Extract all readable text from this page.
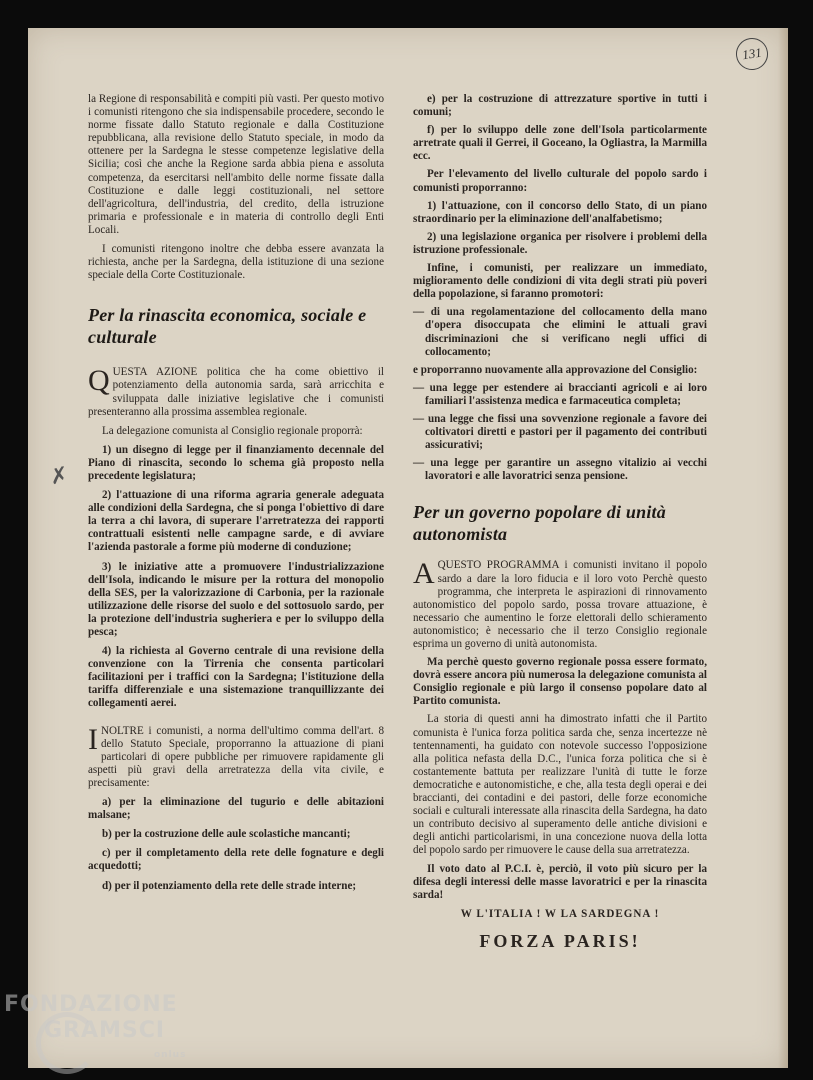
131
✗

la Regione di responsabilità e compiti più vasti. Per questo motivo i comunisti ritengono che sia indispensabile procedere, secondo le norme fissate dallo Statuto regionale e dalla Costituzione repubblicana, alla revisione dello Statuto speciale, in modo da ottenere per la Sardegna le stesse competenze legislative della Sicilia; così che anche la Regione sarda abbia piena e assoluta competenza, da esercitarsi nell'ambito delle norme fissate dalla Costituzione e dalle leggi costituzionali, nel settore dell'agricoltura, dell'industria, del credito, della istruzione primaria e professionale e in materia di controllo degli Enti Locali.

I comunisti ritengono inoltre che debba essere avanzata la richiesta, anche per la Sardegna, della istituzione di una sezione speciale della Corte Costituzionale.

Per la rinascita economica, sociale e culturale

QUESTA AZIONE politica che ha come obiettivo il potenziamento della autonomia sarda, sarà arricchita e sviluppata dalle iniziative legislative che i comunisti presenteranno alla prossima assemblea regionale.

La delegazione comunista al Consiglio regionale proporrà:

1) un disegno di legge per il finanziamento decennale del Piano di rinascita, secondo lo schema già proposto nella precedente legislatura;

2) l'attuazione di una riforma agraria generale adeguata alle condizioni della Sardegna, che si ponga l'obiettivo di dare la terra a chi lavora, di superare l'arretratezza dei rapporti contrattuali esistenti nelle campagne sarde, e di avviare l'azienda pastorale a forme più moderne di conduzione;

3) le iniziative atte a promuovere l'industrializzazione dell'Isola, indicando le misure per la rottura del monopolio della SES, per la valorizzazione di Carbonia, per la razionale utilizzazione delle risorse del suolo e del sottosuolo sardo, per la protezione dell'industria sugheriera e per lo sviluppo della pesca;

4) la richiesta al Governo centrale di una revisione della convenzione con la Tirrenia che consenta particolari facilitazioni per i traffici con la Sardegna; l'istituzione della tariffa differenziale e una sistemazione tranquillizzante dei collegamenti aerei.

INOLTRE i comunisti, a norma dell'ultimo comma dell'art. 8 dello Statuto Speciale, proporranno la attuazione di piani particolari di opere pubbliche per rimuovere rapidamente gli aspetti più gravi della arretratezza della vita civile, e precisamente:

a) per la eliminazione del tugurio e delle abitazioni malsane;

b) per la costruzione delle aule scolastiche mancanti;

c) per il completamento della rete delle fognature e degli acquedotti;

d) per il potenziamento della rete delle strade interne;

e) per la costruzione di attrezzature sportive in tutti i comuni;

f) per lo sviluppo delle zone dell'Isola particolarmente arretrate quali il Gerrei, il Goceano, la Ogliastra, la Marmilla ecc.

Per l'elevamento del livello culturale del popolo sardo i comunisti proporranno:

1) l'attuazione, con il concorso dello Stato, di un piano straordinario per la eliminazione dell'analfabetismo;

2) una legislazione organica per risolvere i problemi della istruzione professionale.

Infine, i comunisti, per realizzare un immediato, miglioramento delle condizioni di vita degli strati più poveri della popolazione, si faranno promotori:

— di una regolamentazione del collocamento della mano d'opera disoccupata che elimini le attuali gravi discriminazioni che si verificano negli uffici di collocamento;

e proporranno nuovamente alla approvazione del Consiglio:

— una legge per estendere ai braccianti agricoli e ai loro familiari l'assistenza medica e farmaceutica completa;

— una legge che fissi una sovvenzione regionale a favore dei coltivatori diretti e pastori per il pagamento dei contributi assicurativi;

— una legge per garantire un assegno vitalizio ai vecchi lavoratori e alle lavoratrici senza pensione.

Per un governo popolare di unità autonomista

AQUESTO PROGRAMMA i comunisti invitano il popolo sardo a dare la loro fiducia e il loro voto Perchè questo programma, che interpreta le aspirazioni di rinnovamento autonomistico del popolo sardo, possa trovare attuazione, è necessario che aumentino le forze elettorali dello schieramento autonomistico; è necessario che il terzo Consiglio regionale esprima un governo di unità autonomista.

Ma perchè questo governo regionale possa essere formato, dovrà essere ancora più numerosa la delegazione comunista al Consiglio regionale e più largo il consenso popolare dato al Partito comunista.

La storia di questi anni ha dimostrato infatti che il Partito comunista è l'unica forza politica sarda che, senza incertezze nè tentennamenti, ha guidato con notevole successo l'opposizione alla politica nefasta della D.C., l'unica forza politica che si è costantemente battuta per realizzare l'unità di tutte le forze democratiche e autonomistiche, e che, alla testa degli operai e dei braccianti, dei contadini e dei pastori, delle forze economiche sociali e culturali interessate alla rinascita della Sardegna, ha dato un contributo decisivo al superamento delle antiche divisioni e degli antichi particolarismi, in una concezione nuova della lotta del popolo sardo per rimuovere le cause della sua arretratezza.

Il voto dato al P.C.I. è, perciò, il voto più sicuro per la difesa degli interessi delle masse lavoratrici e per la rinascita sarda!

W L'ITALIA ! W LA SARDEGNA !
FORZA PARIS!
FONDAZIONE
GRAMSCI
onlus
